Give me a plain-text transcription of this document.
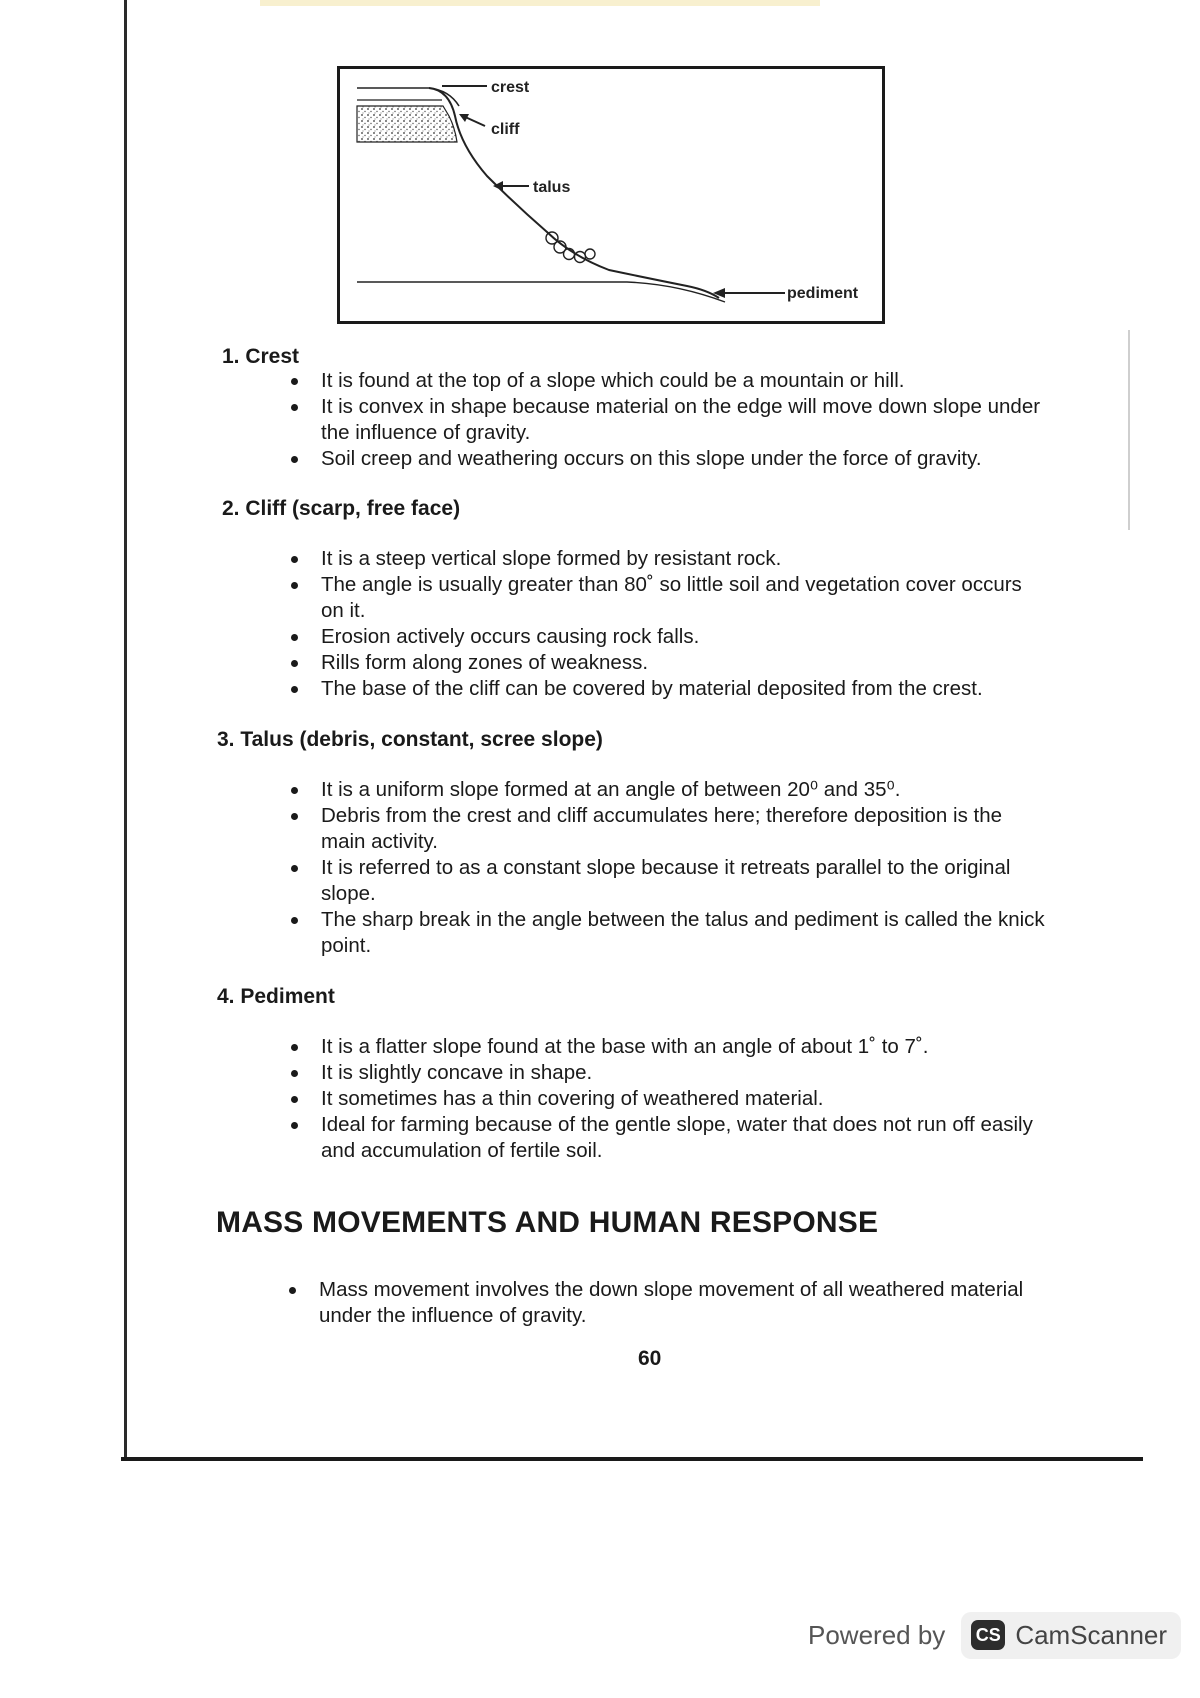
crest
cliff
talus
pediment
1. Crest
It is found at the top of a slope which could be a mountain or hill.
It is convex in shape because material on the edge will move down slope under the influence of gravity.
Soil creep and weathering occurs on this slope under the force of gravity.
2. Cliff (scarp, free face)
It is a steep vertical slope formed by resistant rock.
The angle is usually greater than 80˚ so little soil and vegetation cover occurs on it.
Erosion actively occurs causing rock falls.
Rills form along zones of weakness.
The base of the cliff can be covered by material deposited from the crest.
3. Talus (debris, constant, scree slope)
It is a uniform slope formed at an angle of between 20⁰ and 35⁰.
Debris from the crest and cliff accumulates here; therefore deposition is the main activity.
It is referred to as a constant slope because it retreats parallel to the original slope.
The sharp break in the angle between the talus and pediment is called the knick point.
4. Pediment
It is a flatter slope found at the base with an angle of about 1˚ to 7˚.
It is slightly concave in shape.
It sometimes has a thin covering of weathered material.
Ideal for farming because of the gentle slope, water that does not run off easily and accumulation of fertile soil.
MASS MOVEMENTS AND HUMAN RESPONSE
Mass movement involves the down slope movement of all weathered material under the influence of gravity.
60
Powered by CS CamScanner
